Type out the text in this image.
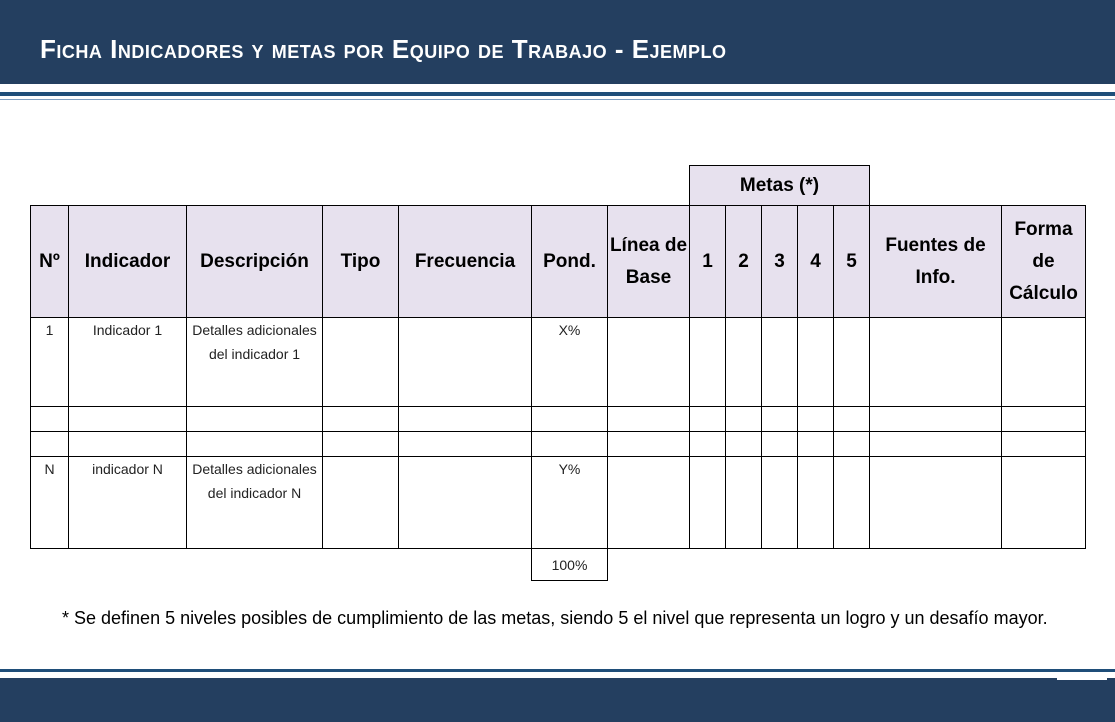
Ficha Indicadores y metas por Equipo de Trabajo - Ejemplo
							Metas (*)						
Nº	Indicador	Descripción	Tipo	Frecuencia	Pond.	Línea de Base	1	2	3	4	5	Fuentes de Info.	Forma de Cálculo
1	Indicador 1	Detalles adicionales del indicador 1			X%								

N	indicador N	Detalles adicionales del indicador N			Y%								
					100%								
* Se definen 5 niveles posibles de cumplimiento de las metas, siendo 5 el nivel que representa un logro y un desafío mayor.
